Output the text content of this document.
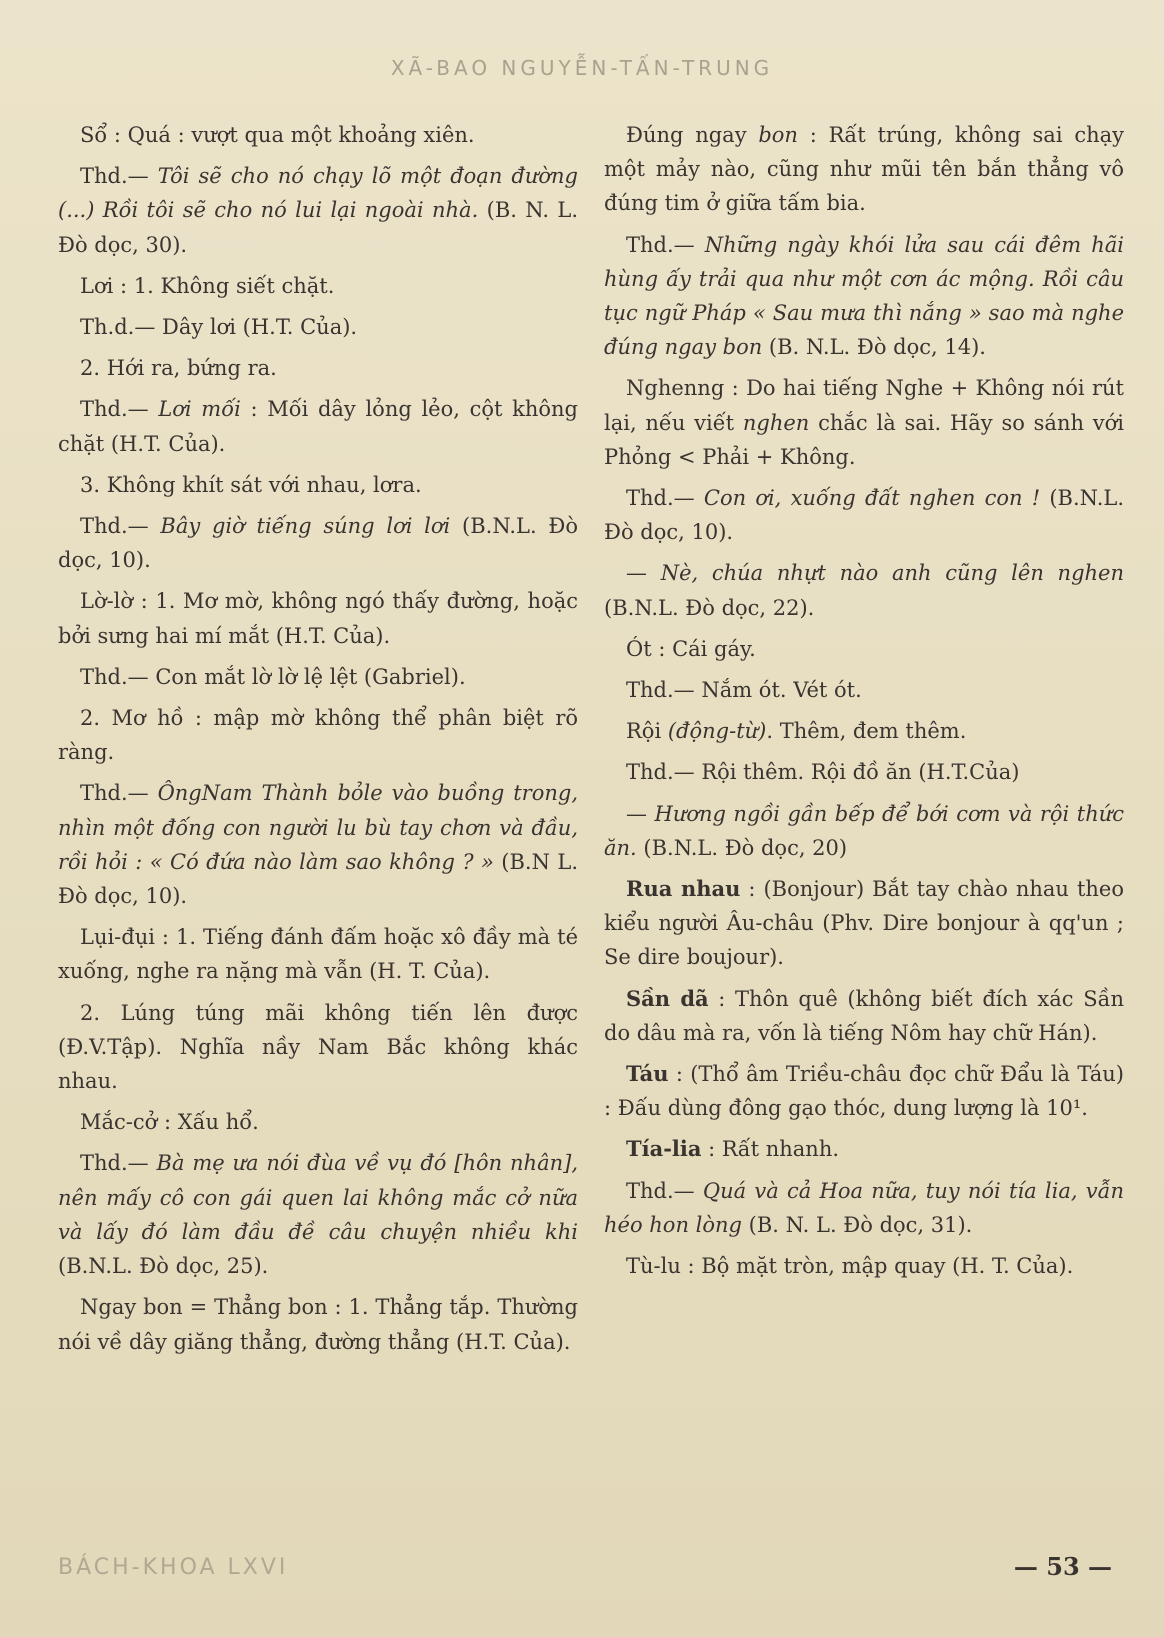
XÃ-BAO NGUYỄN-TẤN-TRUNG

Sổ : Quá : vượt qua một khoảng xiên.

Thd.— Tôi sẽ cho nó chạy lõ một đoạn đường (...) Rồi tôi sẽ cho nó lui lại ngoài nhà. (B. N. L. Đò dọc, 30).

Lơi : 1. Không siết chặt.

Th.d.— Dây lơi (H.T. Của).

2. Hới ra, bứng ra.

Thd.— Lơi mối : Mối dây lỏng lẻo, cột không chặt (H.T. Của).

3. Không khít sát với nhau, lơra.

Thd.— Bây giờ tiếng súng lơi lơi (B.N.L. Đò dọc, 10).

Lờ-lờ : 1. Mơ mờ, không ngó thấy đường, hoặc bởi sưng hai mí mắt (H.T. Của).

Thd.— Con mắt lờ lờ lệ lệt (Gabriel).

2. Mơ hồ : mập mờ không thể phân biệt rõ ràng.

Thd.— ÔngNam Thành bỏle vào buồng trong, nhìn một đống con người lu bù tay chơn và đầu, rồi hỏi : « Có đứa nào làm sao không ? » (B.N L. Đò dọc, 10).

Lụi-đụi : 1. Tiếng đánh đấm hoặc xô đầy mà té xuống, nghe ra nặng mà vẫn (H. T. Của).

2. Lúng túng mãi không tiến lên được (Đ.V.Tập). Nghĩa nầy Nam Bắc không khác nhau.

Mắc-cở : Xấu hổ.

Thd.— Bà mẹ ưa nói đùa về vụ đó [hôn nhân], nên mấy cô con gái quen lai không mắc cở nữa và lấy đó làm đầu đề câu chuyện nhiều khi (B.N.L. Đò dọc, 25).

Ngay bon = Thẳng bon : 1. Thẳng tắp. Thường nói về dây giăng thẳng, đường thẳng (H.T. Của).

Đúng ngay bon : Rất trúng, không sai chạy một mảy nào, cũng như mũi tên bắn thẳng vô đúng tim ở giữa tấm bia.

Thd.— Những ngày khói lửa sau cái đêm hãi hùng ấy trải qua như một cơn ác mộng. Rồi câu tục ngữ Pháp « Sau mưa thì nắng » sao mà nghe đúng ngay bon (B. N.L. Đò dọc, 14).

Nghenng : Do hai tiếng Nghe + Không nói rút lại, nếu viết nghen chắc là sai. Hãy so sánh với Phỏng < Phải + Không.

Thd.— Con ơi, xuống đất nghen con ! (B.N.L. Đò dọc, 10).

— Nè, chúa nhựt nào anh cũng lên nghen (B.N.L. Đò dọc, 22).

Ót : Cái gáy.

Thd.— Nắm ót. Vét ót.

Rội (động-từ). Thêm, đem thêm.

Thd.— Rội thêm. Rội đồ ăn (H.T.Của)

— Hương ngồi gần bếp để bới cơm và rội thức ăn. (B.N.L. Đò dọc, 20)

Rua nhau : (Bonjour) Bắt tay chào nhau theo kiểu người Âu-châu (Phv. Dire bonjour à qq'un ; Se dire boujour).

Sần dã : Thôn quê (không biết đích xác Sần do dâu mà ra, vốn là tiếng Nôm hay chữ Hán).

Táu : (Thổ âm Triều-châu đọc chữ Đẩu là Táu) : Đấu dùng đông gạo thóc, dung lượng là 10¹.

Tía-lia : Rất nhanh.

Thd.— Quá và cả Hoa nữa, tuy nói tía lia, vẫn héo hon lòng (B. N. L. Đò dọc, 31).

Tù-lu : Bộ mặt tròn, mập quay (H. T. Của).

BÁCH-KHOA LXVI	— 53 —
